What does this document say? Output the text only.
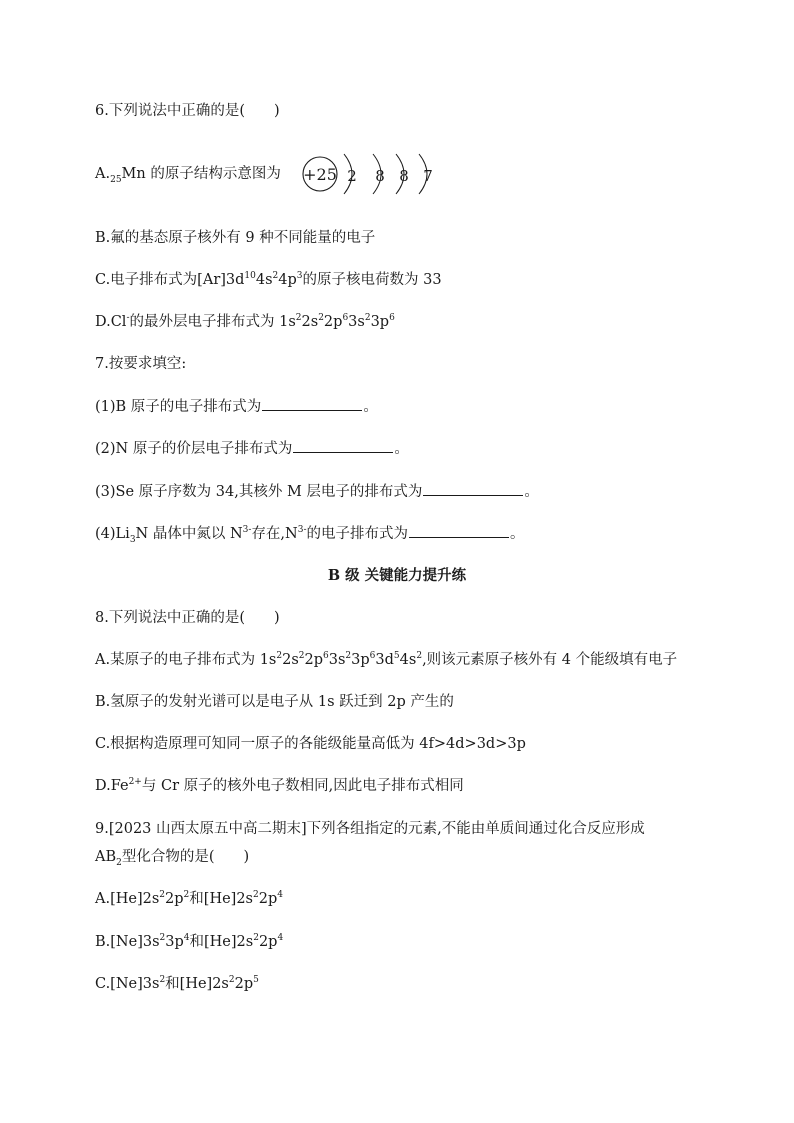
6.下列说法中正确的是(　　)
$A._{25}Mn$ 的原子结构示意图为 +25 2 8 8 7
B.氟的基态原子核外有 9 种不同能量的电子
C.电子排布式为$[Ar]3d^{10}4s^24p^3$的原子核电荷数为 33
D.Cl-的最外层电子排布式为 $1s^22s^22p^63s^23p^6$
7.按要求填空:
(1)B 原子的电子排布式为	。
(2)N 原子的价层电子排布式为	。
(3)Se 原子序数为 34,其核外 M 层电子的排布式为	。
$(4)Li_3N$ 晶体中氮以 $N^{3-}$存在$,N^{3-}$的电子排布式为	。
B 级 关键能力提升练
8.下列说法中正确的是(　　)
A.某原子的电子排布式为 $1s^22s^22p^63s^23p^63d^54s^2$,则该元素原子核外有 4 个能级填有电子
B.氢原子的发射光谱可以是电子从 1s 跃迁到 2p 产生的
C.根据构造原理可知同一原子的各能级能量高低为 4f>4d>3d>3p
$D.Fe^{2+}$与 Cr 原子的核外电子数相同,因此电子排布式相同
9.[2023 山西太原五中高二期末]下列各组指定的元素,不能由单质间通过化合反应形成
$AB_2$型化合物的是(　　)
$A.[He]2s^22p^2$和$[He]2s^22p^4$
$B.[Ne]3s^23p^4$和$[He]2s^22p^4$
$C.[Ne]3s^2$和$[He]2s^22p^5$
